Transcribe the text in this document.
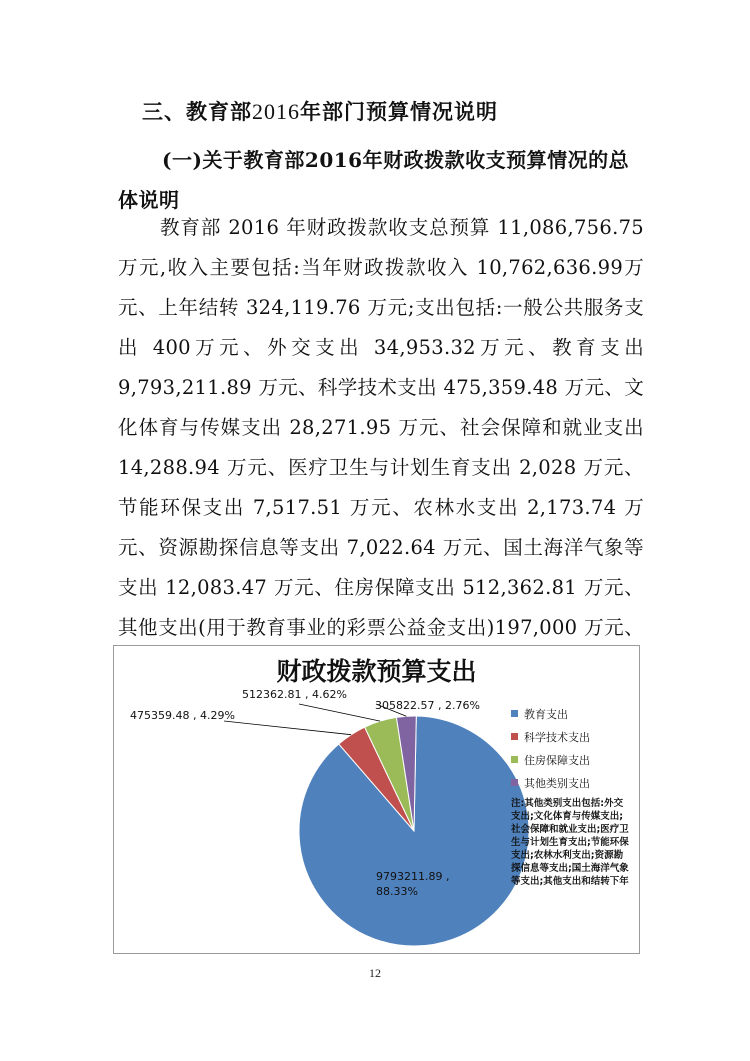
三、教育部2016年部门预算情况说明
(一)关于教育部2016年财政拨款收支预算情况的总体说明
教育部 2016 年财政拨款收支总预算 11,086,756.75 万元,收入主要包括:当年财政拨款收入 10,762,636.99万元、上年结转 324,119.76 万元;支出包括:一般公共服务支出 400万元、外交支出 34,953.32万元、教育支出 9,793,211.89 万元、科学技术支出 475,359.48 万元、文化体育与传媒支出 28,271.95 万元、社会保障和就业支出 14,288.94 万元、医疗卫生与计划生育支出 2,028 万元、节能环保支出 7,517.51 万元、农林水支出 2,173.74 万元、资源勘探信息等支出 7,022.64 万元、国土海洋气象等支出 12,083.47 万元、住房保障支出 512,362.81 万元、其他支出(用于教育事业的彩票公益金支出)197,000 万元、
财政拨款预算支出
9793211.89 , 88.33%
475359.48 , 4.29%
512362.81 , 4.62%
305822.57 , 2.76%
教育支出
科学技术支出
住房保障支出
其他类别支出
注:其他类别支出包括:外交支出;文化体育与传媒支出;社会保障和就业支出;医疗卫生与计划生育支出;节能环保支出;农林水利支出;资源勘探信息等支出;国土海洋气象等支出;其他支出和结转下年
12
